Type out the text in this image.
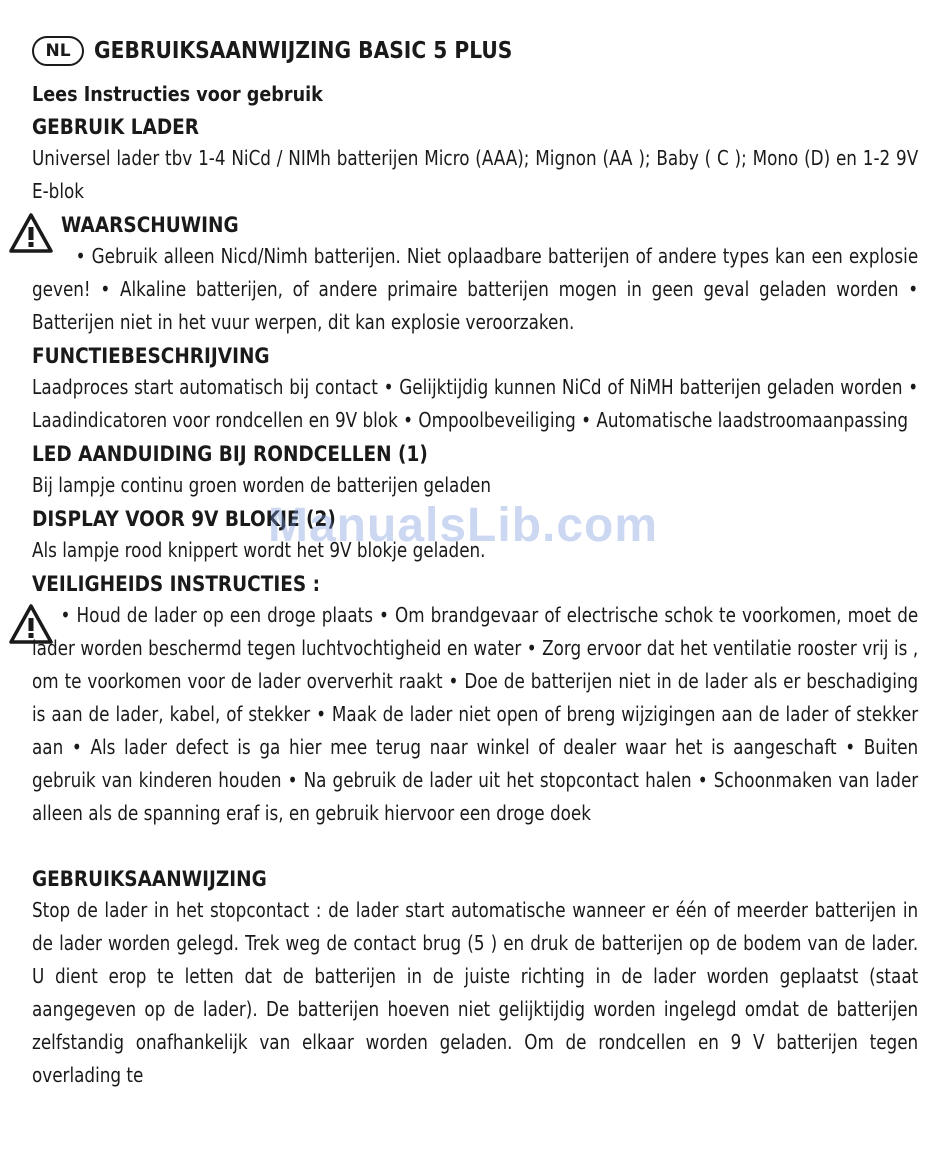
NL	GEBRUIKSAANWIJZING BASIC 5 PLUS
Lees Instructies voor gebruik
GEBRUIK LADER
Universel lader tbv 1-4 NiCd / NIMh batterijen Micro (AAA); Mignon (AA ); Baby ( C ); Mono (D) en 1-2 9V E-blok
WAARSCHUWING
• Gebruik alleen Nicd/Nimh batterijen. Niet oplaadbare batterijen of andere types kan een explosie geven! • Alkaline batterijen, of andere primaire batterijen mogen in geen geval geladen worden • Batterijen niet in het vuur werpen, dit kan explosie veroorzaken.
FUNCTIEBESCHRIJVING
Laadproces start automatisch bij contact • Gelijktijdig kunnen NiCd of NiMH batterijen geladen worden • Laadindicatoren voor rondcellen en 9V blok • Ompoolbeveiliging • Automatische laadstroomaanpassing
LED AANDUIDING BIJ RONDCELLEN (1)
Bij lampje continu groen worden de batterijen geladen
DISPLAY VOOR 9V BLOKJE (2)
Als lampje rood knippert wordt het 9V blokje geladen.
VEILIGHEIDS INSTRUCTIES :
• Houd de lader op een droge plaats • Om brandgevaar of electrische schok te voorkomen, moet de lader worden beschermd tegen luchtvochtigheid en water • Zorg ervoor dat het ventilatie rooster vrij is , om te voorkomen voor de lader oververhit raakt • Doe de batterijen niet in de lader als er beschadiging is aan de lader, kabel, of stekker • Maak de lader niet open of breng wijzigingen aan de lader of stekker aan • Als lader defect is ga hier mee terug naar winkel of dealer waar het is aangeschaft • Buiten gebruik van kinderen houden • Na gebruik de lader uit het stopcontact halen • Schoonmaken van lader alleen als de spanning eraf is, en gebruik hiervoor een droge doek
GEBRUIKSAANWIJZING
Stop de lader in het stopcontact : de lader start automatische wanneer er één of meerder batterijen in de lader worden gelegd. Trek weg de contact brug (5 ) en druk de batterijen op de bodem van de lader. U dient erop te letten dat de batterijen in de juiste richting in de lader worden geplaatst (staat aangegeven op de lader). De batterijen hoeven niet gelijktijdig worden ingelegd omdat de batterijen zelfstandig onafhankelijk van elkaar worden geladen. Om de rondcellen en 9 V batterijen tegen overlading te
ManualsLib.com
